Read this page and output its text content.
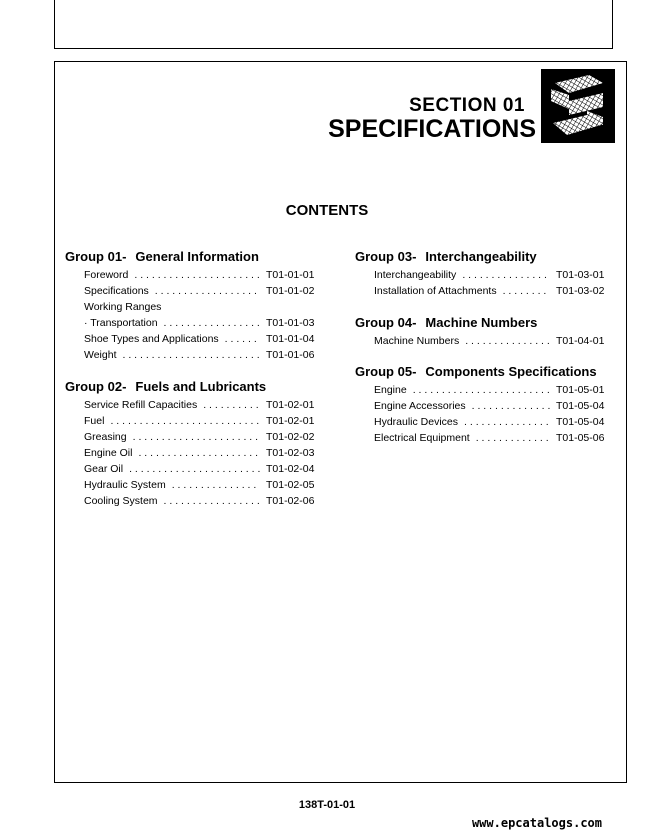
SECTION 01
SPECIFICATIONS
CONTENTS
Group 01- General Information
Foreword . . .	T01-01-01
Specifications . . .	T01-01-02
Working Ranges
· Transportation . . .	T01-01-03
Shoe Types and Applications . . .	T01-01-04
Weight . . .	T01-01-06
Group 02- Fuels and Lubricants
Service Refill Capacities . . .	T01-02-01
Fuel . . .	T01-02-01
Greasing . . .	T01-02-02
Engine Oil . . .	T01-02-03
Gear Oil . . .	T01-02-04
Hydraulic System . . .	T01-02-05
Cooling System . . .	T01-02-06
Group 03- Interchangeability
Interchangeability . . .	T01-03-01
Installation of Attachments . . .	T01-03-02
Group 04- Machine Numbers
Machine Numbers . . .	T01-04-01
Group 05- Components Specifications
Engine . . .	T01-05-01
Engine Accessories . . .	T01-05-04
Hydraulic Devices . . .	T01-05-04
Electrical Equipment . . .	T01-05-06
138T-01-01
www.epcatalogs.com
